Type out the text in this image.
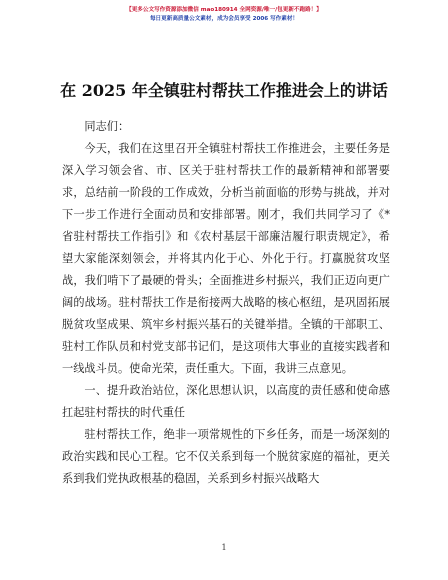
【更多公文写作资源添加微信 mao180914 全网资源/唯一/包更新不跑路！】
每日更新高质量公文素材，成为会员享受 2006 写作素材！
在 2025 年全镇驻村帮扶工作推进会上的讲话

同志们：

今天，我们在这里召开全镇驻村帮扶工作推进会，主要任务是深入学习领会省、市、区关于驻村帮扶工作的最新精神和部署要求，总结前一阶段的工作成效，分析当前面临的形势与挑战，并对下一步工作进行全面动员和安排部署。刚才，我们共同学习了《*省驻村帮扶工作指引》和《农村基层干部廉洁履行职责规定》，希望大家能深刻领会，并将其内化于心、外化于行。打赢脱贫攻坚战，我们啃下了最硬的骨头；全面推进乡村振兴，我们正迈向更广阔的战场。驻村帮扶工作是衔接两大战略的核心枢纽，是巩固拓展脱贫攻坚成果、筑牢乡村振兴基石的关键举措。全镇的干部职工、驻村工作队员和村党支部书记们，是这项伟大事业的直接实践者和一线战斗员。使命光荣，责任重大。下面，我讲三点意见。

一、提升政治站位，深化思想认识，以高度的责任感和使命感扛起驻村帮扶的时代重任

驻村帮扶工作，绝非一项常规性的下乡任务，而是一场深刻的政治实践和民心工程。它不仅关系到每一个脱贫家庭的福祉，更关系到我们党执政根基的稳固，关系到乡村振兴战略大

1
